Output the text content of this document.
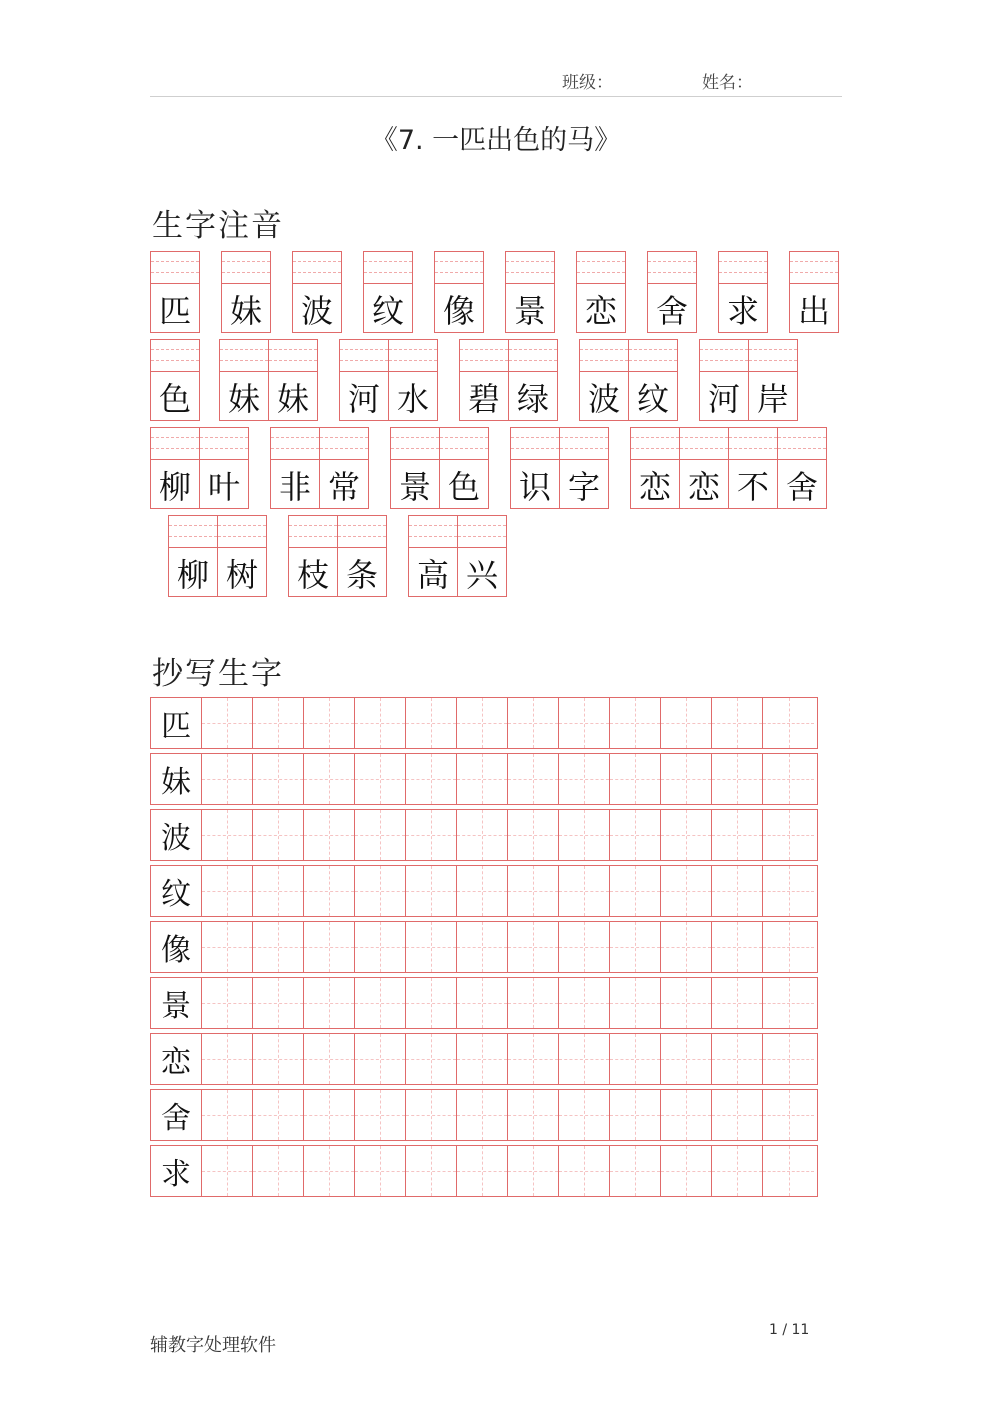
班级：	姓名：
《7. 一匹出色的马》
生字注音
匹 妹 波 纹 像 景 恋 舍 求 出
色 妹 妹 河 水 碧 绿 波 纹 河 岸
柳 叶 非 常 景 色 识 字 恋 恋 不 舍
柳 树 枝 条 高 兴
抄写生字
匹
妹
波
纹
像
景
恋
舍
求
辅教字处理软件
1 / 11
